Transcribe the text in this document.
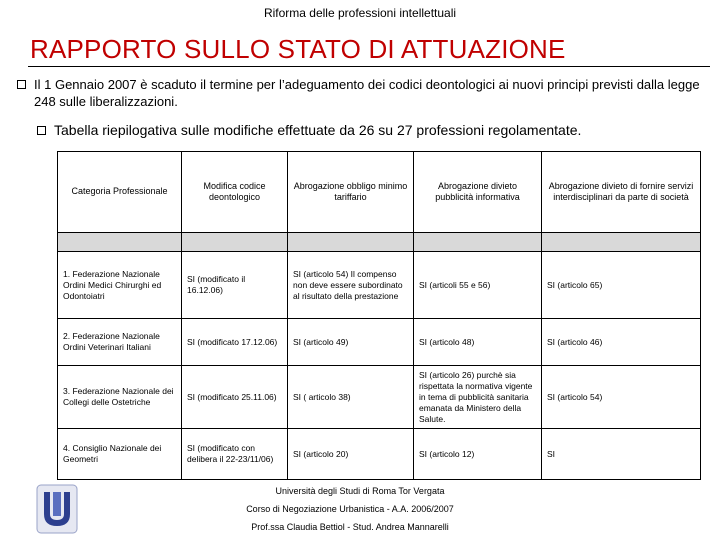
Riforma delle professioni intellettuali
RAPPORTO SULLO STATO DI ATTUAZIONE
Il 1 Gennaio 2007 è scaduto il termine per l’adeguamento dei codici deontologici ai nuovi principi previsti dalla legge 248 sulle liberalizzazioni.
Tabella riepilogativa sulle modifiche effettuate da 26 su 27 professioni regolamentate.
Categoria Professionale	Modifica codice deontologico	Abrogazione obbligo minimo tariffario	Abrogazione divieto pubblicità informativa	Abrogazione divieto di fornire servizi interdisciplinari da parte di società

1. Federazione Nazionale Ordini Medici Chirurghi ed Odontoiatri	SI (modificato il 16.12.06)	SI (articolo 54) Il compenso non deve essere subordinato al risultato della prestazione	SI (articoli 55 e 56)	SI (articolo 65)
2. Federazione Nazionale Ordini Veterinari Italiani	SI (modificato 17.12.06)	SI (articolo 49)	SI (articolo 48)	SI (articolo 46)
3. Federazione Nazionale dei Collegi delle Ostetriche	SI (modificato 25.11.06)	SI ( articolo 38)	SI (articolo 26) purchè sia rispettata la normativa vigente in tema di pubblicità sanitaria emanata da Ministero della Salute.	SI (articolo 54)
4. Consiglio Nazionale dei Geometri	SI (modificato con delibera il 22-23/11/06)	SI (articolo 20)	SI (articolo 12)	SI
Università degli Studi di Roma Tor Vergata
Corso di Negoziazione Urbanistica - A.A. 2006/2007
Prof.ssa Claudia Bettiol - Stud. Andrea Mannarelli
